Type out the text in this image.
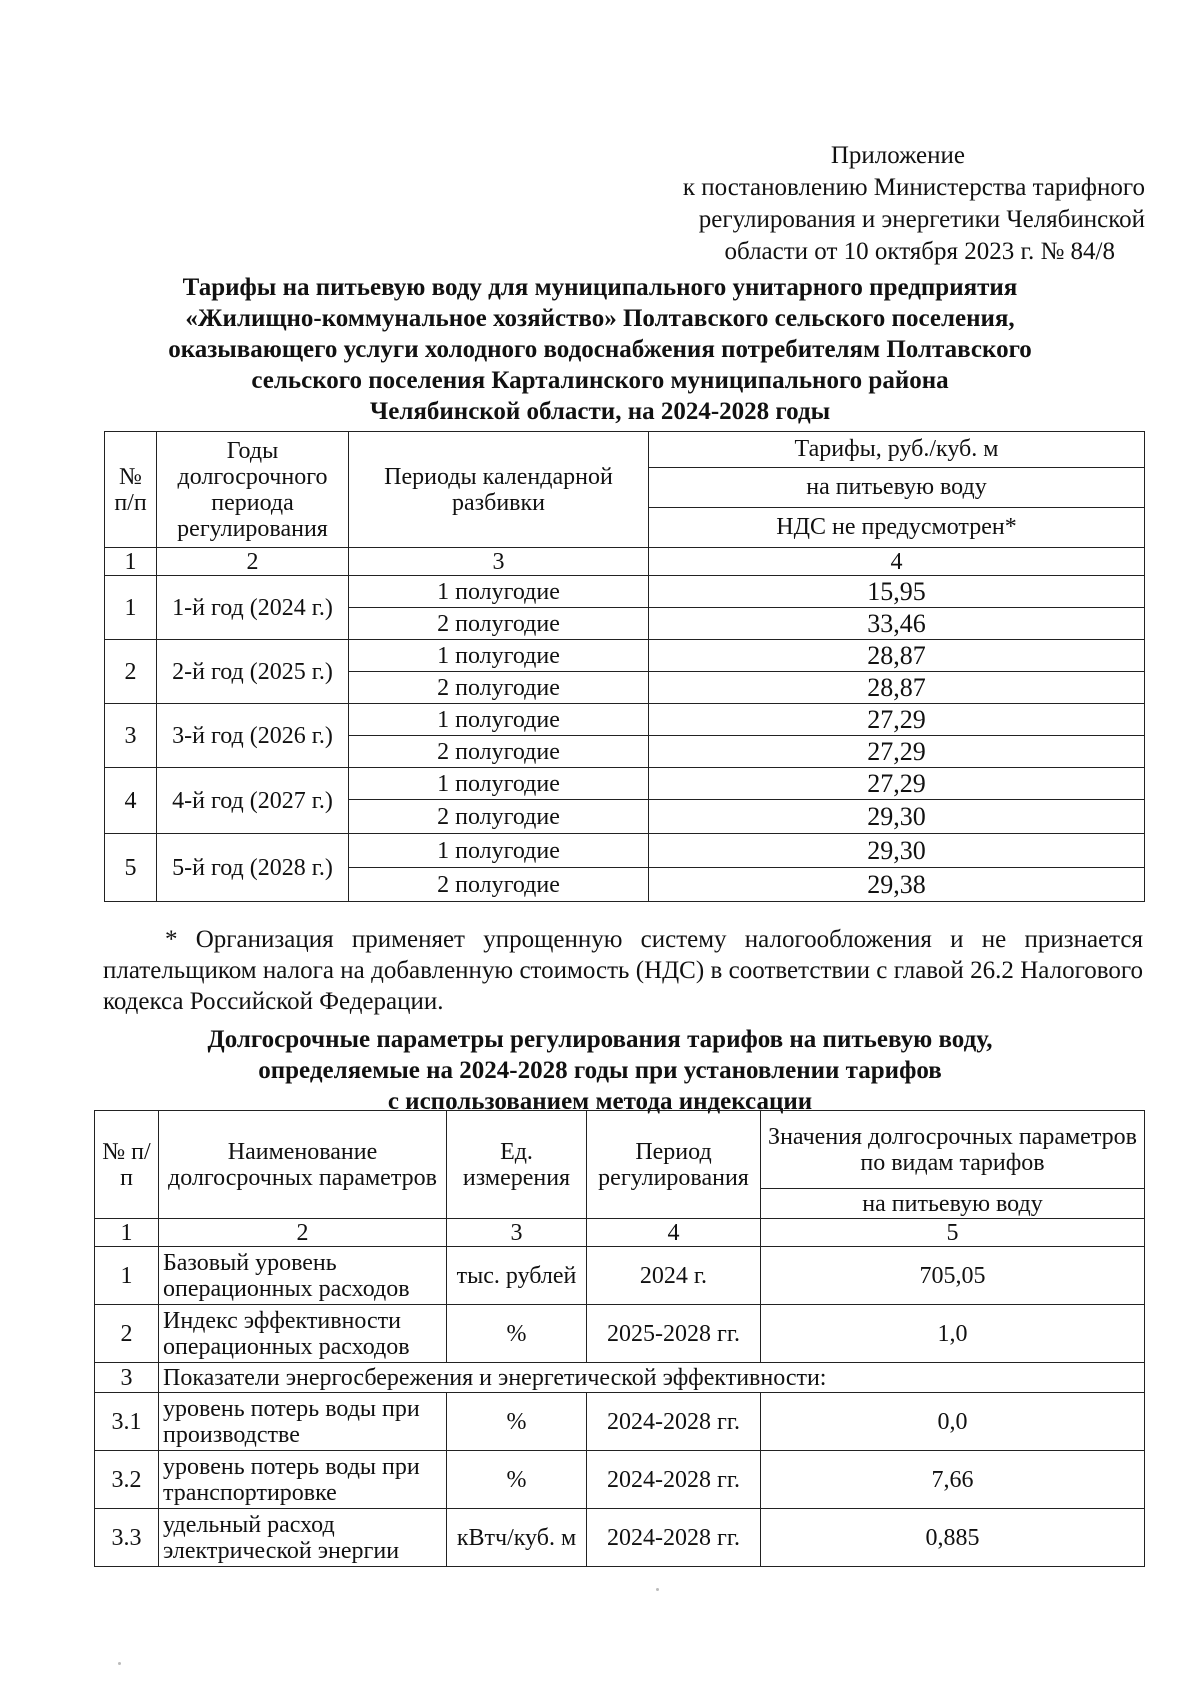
Приложение
к постановлению Министерства тарифного
регулирования и энергетики Челябинской
области от 10 октября 2023 г. № 84/8
Тарифы на питьевую воду для муниципального унитарного предприятия
«Жилищно-коммунальное хозяйство» Полтавского сельского поселения,
оказывающего услуги холодного водоснабжения потребителям Полтавского
сельского поселения Карталинского муниципального района
Челябинской области, на 2024-2028 годы
№ п/п	Годы долгосрочного периода регулирования	Периоды календарной разбивки	Тарифы, руб./куб. м
			на питьевую воду
			НДС не предусмотрен*
1	2	3	4
1	1-й год (2024 г.)	1 полугодие	15,95
		2 полугодие	33,46
2	2-й год (2025 г.)	1 полугодие	28,87
		2 полугодие	28,87
3	3-й год (2026 г.)	1 полугодие	27,29
		2 полугодие	27,29
4	4-й год (2027 г.)	1 полугодие	27,29
		2 полугодие	29,30
5	5-й год (2028 г.)	1 полугодие	29,30
		2 полугодие	29,38
* Организация применяет упрощенную систему налогообложения и не признается плательщиком налога на добавленную стоимость (НДС) в соответствии с главой 26.2 Налогового кодекса Российской Федерации.
Долгосрочные параметры регулирования тарифов на питьевую воду,
определяемые на 2024-2028 годы при установлении тарифов
с использованием метода индексации
№ п/п	Наименование долгосрочных параметров	Ед. измерения	Период регулирования	Значения долгосрочных параметров по видам тарифов
				на питьевую воду
1	2	3	4	5
1	Базовый уровень операционных расходов	тыс. рублей	2024 г.	705,05
2	Индекс эффективности операционных расходов	%	2025-2028 гг.	1,0
3	Показатели энергосбережения и энергетической эффективности:			
3.1	уровень потерь воды при производстве	%	2024-2028 гг.	0,0
3.2	уровень потерь воды при транспортировке	%	2024-2028 гг.	7,66
3.3	удельный расход электрической энергии	кВтч/куб. м	2024-2028 гг.	0,885
